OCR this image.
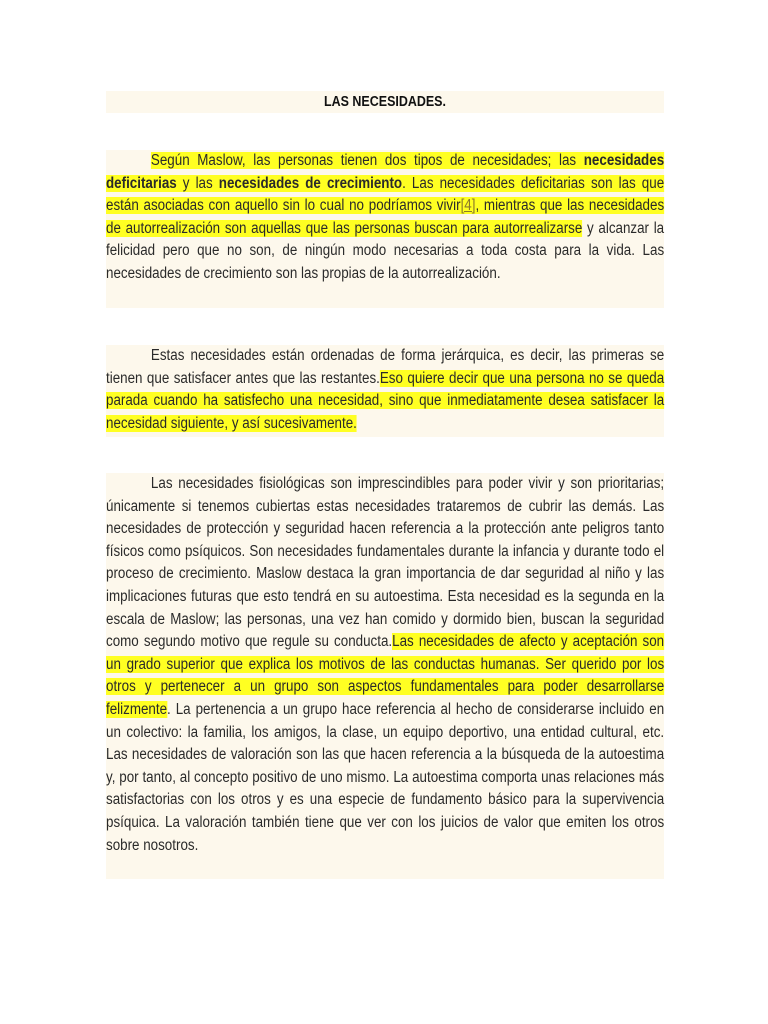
LAS NECESIDADES.

Según Maslow, las personas tienen dos tipos de necesidades; las necesidades deficitarias y las necesidades de crecimiento. Las necesidades deficitarias son las que están asociadas con aquello sin lo cual no podríamos vivir[4], mientras que las necesidades de autorrealización son aquellas que las personas buscan para autorrealizarse y alcanzar la felicidad pero que no son, de ningún modo necesarias a toda costa para la vida. Las necesidades de crecimiento son las propias de la autorrealización.

Estas necesidades están ordenadas de forma jerárquica, es decir, las primeras se tienen que satisfacer antes que las restantes.Eso quiere decir que una persona no se queda parada cuando ha satisfecho una necesidad, sino que inmediatamente desea satisfacer la necesidad siguiente, y así sucesivamente.

Las necesidades fisiológicas son imprescindibles para poder vivir y son prioritarias; únicamente si tenemos cubiertas estas necesidades trataremos de cubrir las demás. Las necesidades de protección y seguridad hacen referencia a la protección ante peligros tanto físicos como psíquicos. Son necesidades fundamentales durante la infancia y durante todo el proceso de crecimiento. Maslow destaca la gran importancia de dar seguridad al niño y las implicaciones futuras que esto tendrá en su autoestima. Esta necesidad es la segunda en la escala de Maslow; las personas, una vez han comido y dormido bien, buscan la seguridad como segundo motivo que regule su conducta.Las necesidades de afecto y aceptación son un grado superior que explica los motivos de las conductas humanas. Ser querido por los otros y pertenecer a un grupo son aspectos fundamentales para poder desarrollarse felizmente. La pertenencia a un grupo hace referencia al hecho de considerarse incluido en un colectivo: la familia, los amigos, la clase, un equipo deportivo, una entidad cultural, etc. Las necesidades de valoración son las que hacen referencia a la búsqueda de la autoestima y, por tanto, al concepto positivo de uno mismo. La autoestima comporta unas relaciones más satisfactorias con los otros y es una especie de fundamento básico para la supervivencia psíquica. La valoración también tiene que ver con los juicios de valor que emiten los otros sobre nosotros.
